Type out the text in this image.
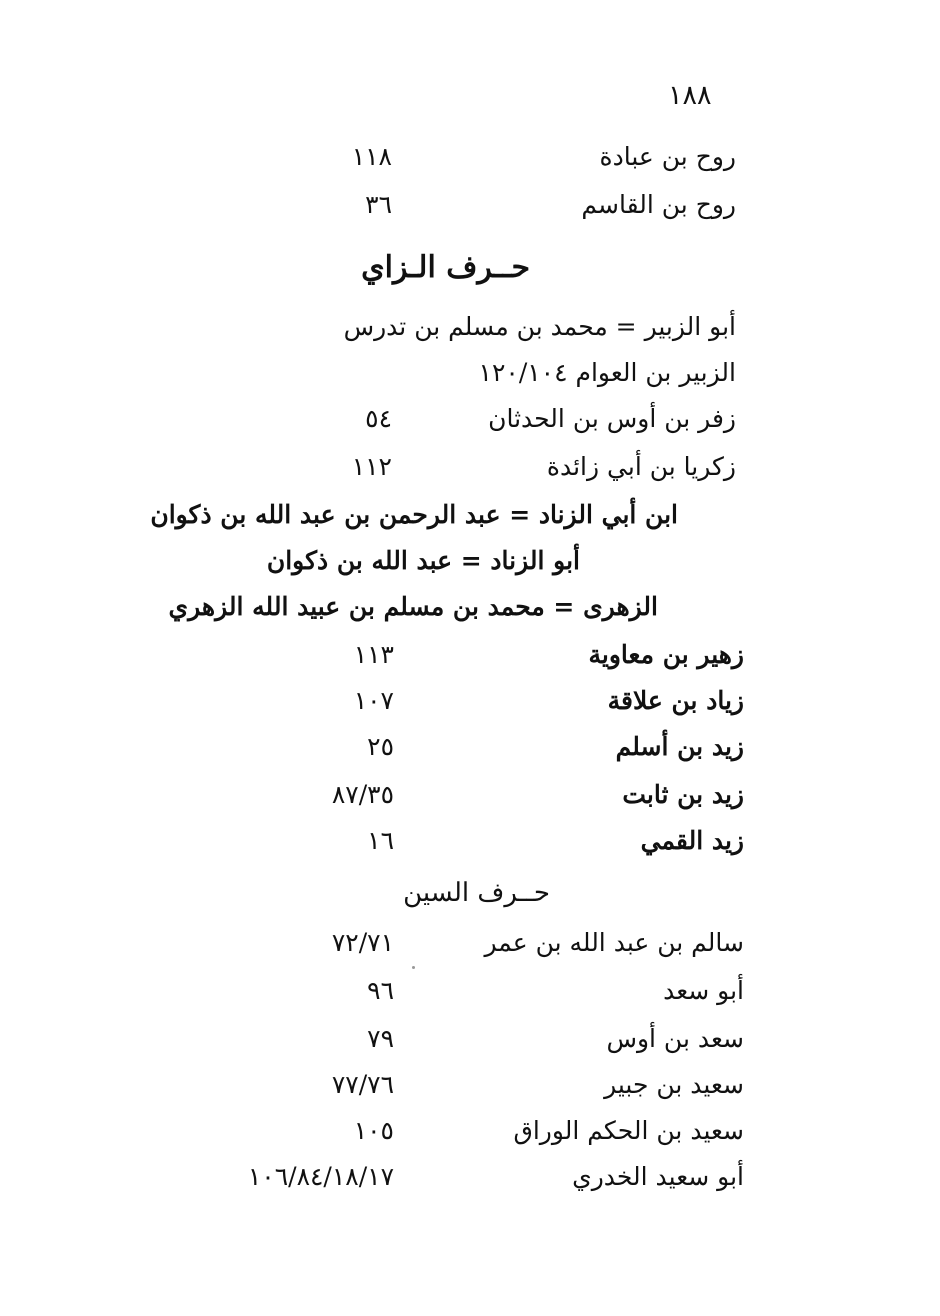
١٨٨
روح بن عبادة
١١٨
روح بن القاسم
٣٦
حــرف الـزاي
أبو الزبير = محمد بن مسلم بن تدرس
الزبير بن العوام ١٢٠/١٠٤
زفر بن أوس بن الحدثان
٥٤
زكريا بن أبي زائدة
١١٢
ابن أبي الزناد = عبد الرحمن بن عبد الله بن ذكوان
أبو الزناد = عبد الله بن ذكوان
الزهرى = محمد بن مسلم بن عبيد الله الزهري
زهير بن معاوية
١١٣
زياد بن علاقة
١٠٧
زيد بن أسلم
٢٥
زيد بن ثابت
٨٧/٣٥
زيد القمي
١٦
حــرف السين
سالم بن عبد الله بن عمر
٧٢/٧١
أبو سعد
٩٦
سعد بن أوس
٧٩
سعيد بن جبير
٧٧/٧٦
سعيد بن الحكم الوراق
١٠٥
أبو سعيد الخدري
١٠٦/٨٤/١٨/١٧
